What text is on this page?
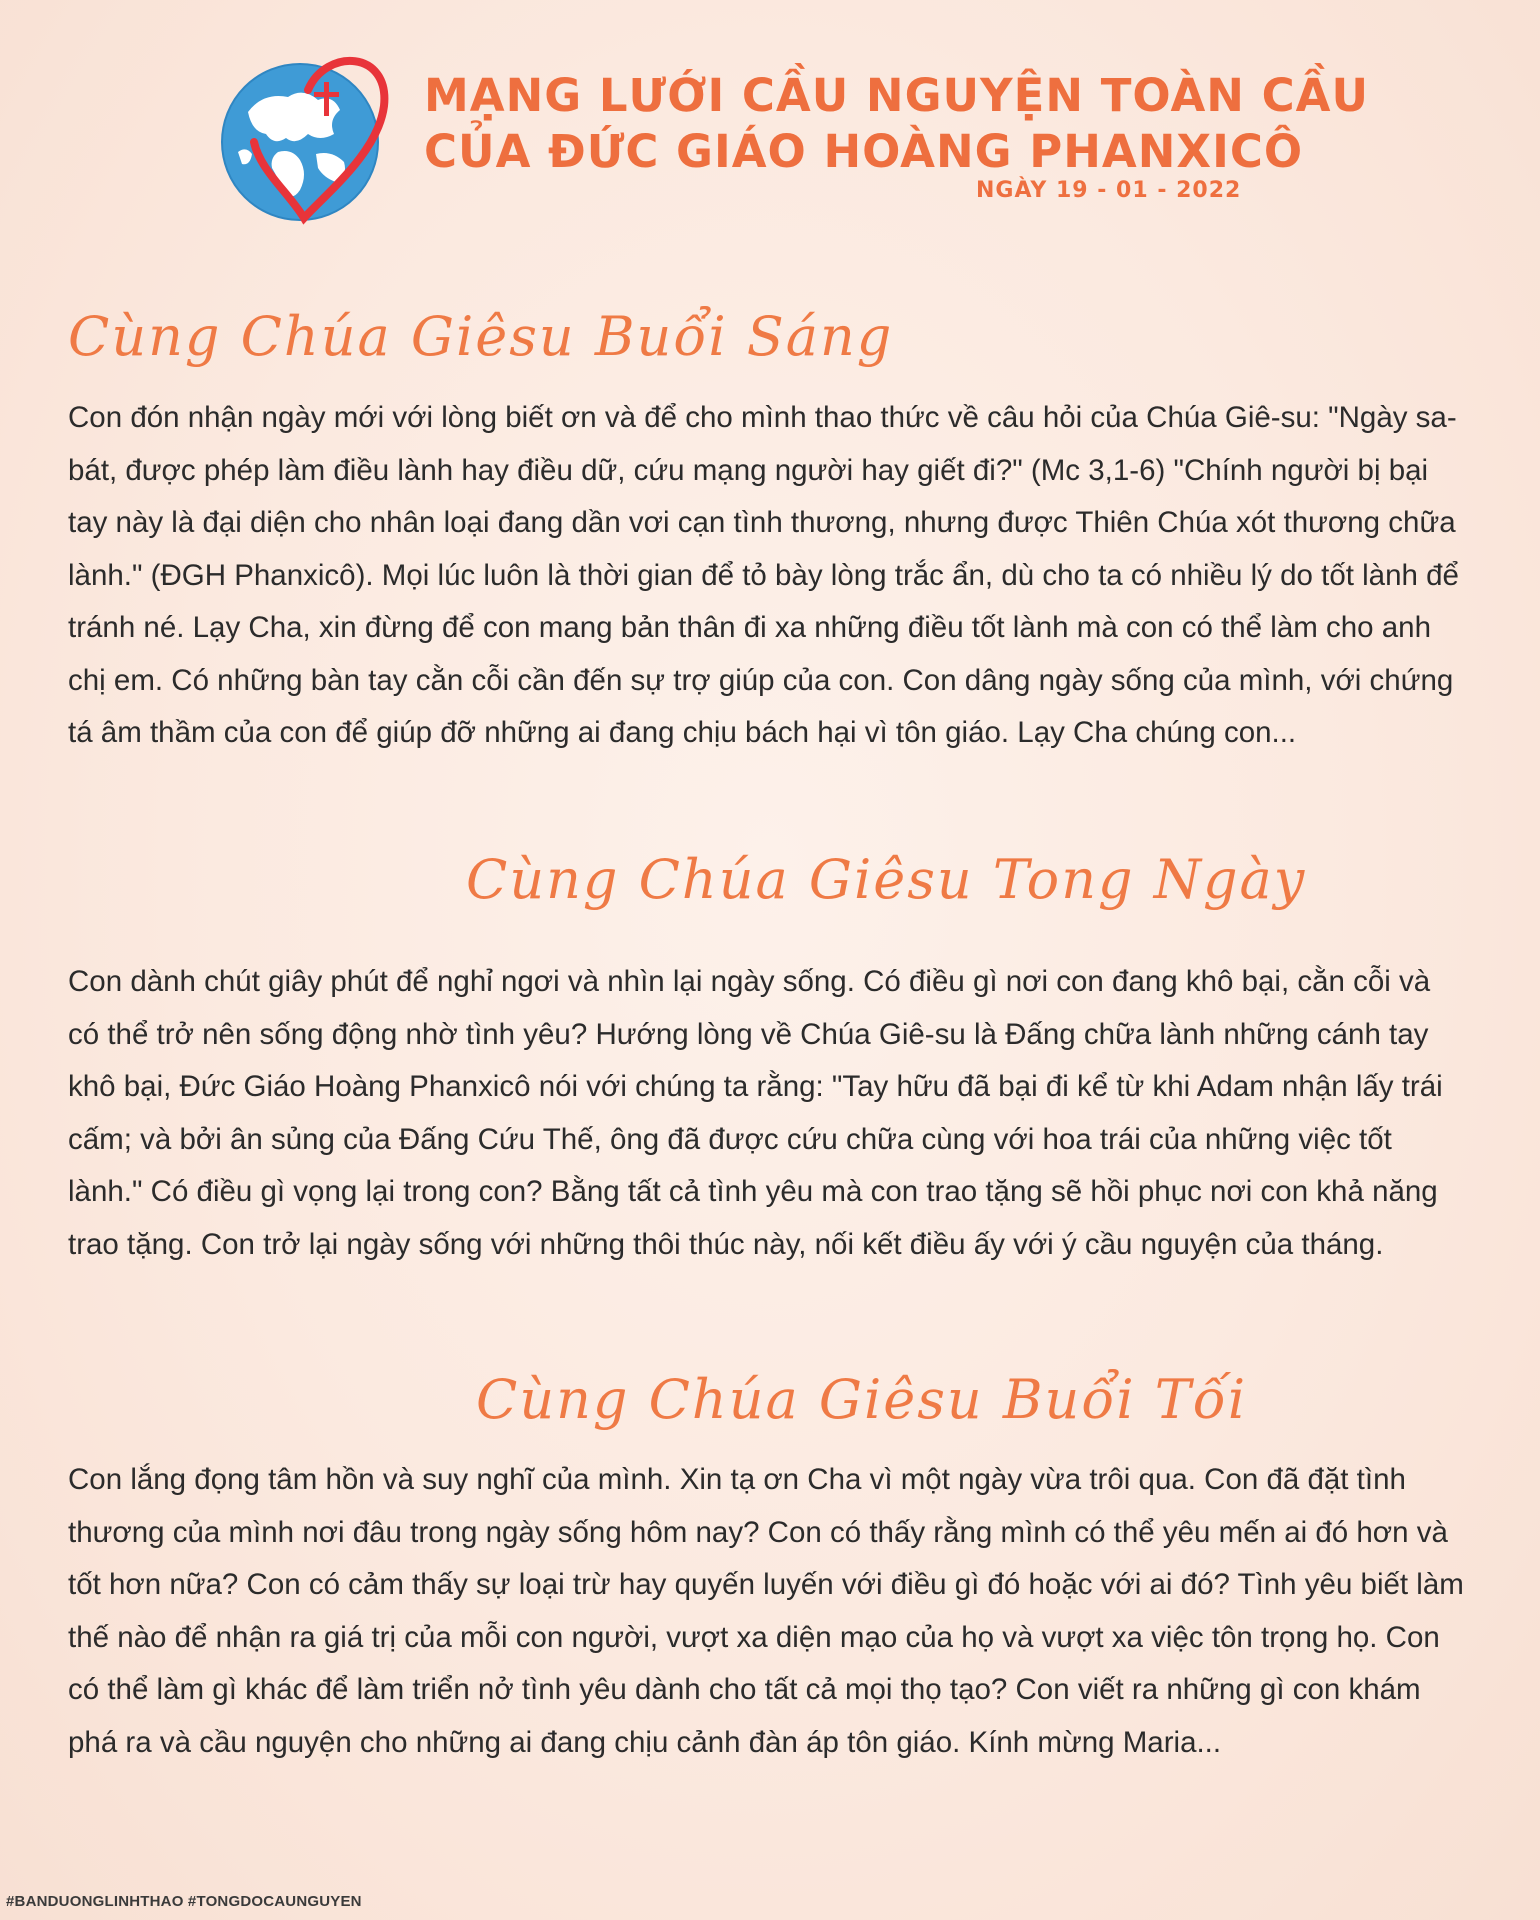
MẠNG LƯỚI CẦU NGUYỆN TOÀN CẦU
CỦA ĐỨC GIÁO HOÀNG PHANXICÔ
NGÀY 19 - 01 - 2022
Cùng Chúa Giêsu Buổi Sáng
Con đón nhận ngày mới với lòng biết ơn và để cho mình thao thức về câu hỏi của Chúa Giê-su: "Ngày sa-bát, được phép làm điều lành hay điều dữ, cứu mạng người hay giết đi?" (Mc 3,1-6) "Chính người bị bại tay này là đại diện cho nhân loại đang dần vơi cạn tình thương, nhưng được Thiên Chúa xót thương chữa lành." (ĐGH Phanxicô). Mọi lúc luôn là thời gian để tỏ bày lòng trắc ẩn, dù cho ta có nhiều lý do tốt lành để tránh né. Lạy Cha, xin đừng để con mang bản thân đi xa những điều tốt lành mà con có thể làm cho anh chị em. Có những bàn tay cằn cỗi cần đến sự trợ giúp của con. Con dâng ngày sống của mình, với chứng tá âm thầm của con để giúp đỡ những ai đang chịu bách hại vì tôn giáo. Lạy Cha chúng con...
Cùng Chúa Giêsu Tong Ngày
Con dành chút giây phút để nghỉ ngơi và nhìn lại ngày sống. Có điều gì nơi con đang khô bại, cằn cỗi và có thể trở nên sống động nhờ tình yêu? Hướng lòng về Chúa Giê-su là Đấng chữa lành những cánh tay khô bại, Đức Giáo Hoàng Phanxicô nói với chúng ta rằng: "Tay hữu đã bại đi kể từ khi Adam nhận lấy trái cấm; và bởi ân sủng của Đấng Cứu Thế, ông đã được cứu chữa cùng với hoa trái của những việc tốt lành." Có điều gì vọng lại trong con? Bằng tất cả tình yêu mà con trao tặng sẽ hồi phục nơi con khả năng trao tặng. Con trở lại ngày sống với những thôi thúc này, nối kết điều ấy với ý cầu nguyện của tháng.
Cùng Chúa Giêsu Buổi Tối
Con lắng đọng tâm hồn và suy nghĩ của mình. Xin tạ ơn Cha vì một ngày vừa trôi qua. Con đã đặt tình thương của mình nơi đâu trong ngày sống hôm nay? Con có thấy rằng mình có thể yêu mến ai đó hơn và tốt hơn nữa? Con có cảm thấy sự loại trừ hay quyến luyến với điều gì đó hoặc với ai đó? Tình yêu biết làm thế nào để nhận ra giá trị của mỗi con người, vượt xa diện mạo của họ và vượt xa việc tôn trọng họ. Con có thể làm gì khác để làm triển nở tình yêu dành cho tất cả mọi thọ tạo? Con viết ra những gì con khám phá ra và cầu nguyện cho những ai đang chịu cảnh đàn áp tôn giáo. Kính mừng Maria...
#BANDUONGLINHTHAO #TONGDOCAUNGUYEN
